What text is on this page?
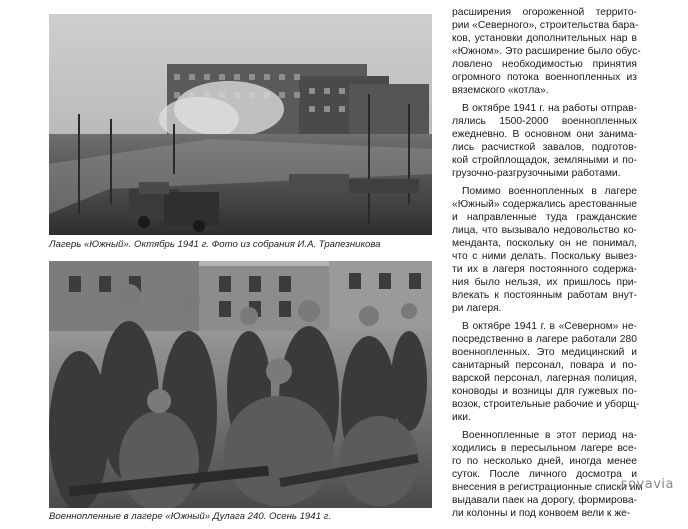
Лагерь «Южный». Октябрь 1941 г. Фото из собрания И.А. Трапезникова
Военнопленные в лагере «Южный» Дулага 240. Осень 1941 г.

расширения огороженной террито-
рии «Северного», строительства бара-
ков, установки дополнительных нар в
«Южном». Это расширение было обус-
ловлено необходимостью принятия
огромного потока военнопленных из
вяземского «котла».

В октябре 1941 г. на работы отправ-
лялись 1500-2000 военнопленных
ежедневно. В основном они занима-
лись расчисткой завалов, подготов-
кой стройплощадок, земляными и по-
грузочно-разгрузочными работами.

Помимо военнопленных в лагере
«Южный» содержались арестованные
и направленные туда гражданские
лица, что вызывало недовольство ко-
менданта, поскольку он не понимал,
что с ними делать. Поскольку вывез-
ти их в лагеря постоянного содержа-
ния было нельзя, их пришлось при-
влекать к постоянным работам внут-
ри лагеря.

В октябре 1941 г. в «Северном» не-
посредственно в лагере работали 280
военнопленных. Это медицинский и
санитарный персонал, повара и по-
варской персонал, лагерная полиция,
коноводы и возницы для гужевых по-
возок, строительные рабочие и уборщ-
ики.

Военнопленные в этот период на-
ходились в пересыльном лагере все-
го по несколько дней, иногда менее
суток. После личного досмотра и
внесения в регистрационные списки им
выдавали паек на дорогу, формирова-
ли колонны и под конвоем вели к же-

sovavia
